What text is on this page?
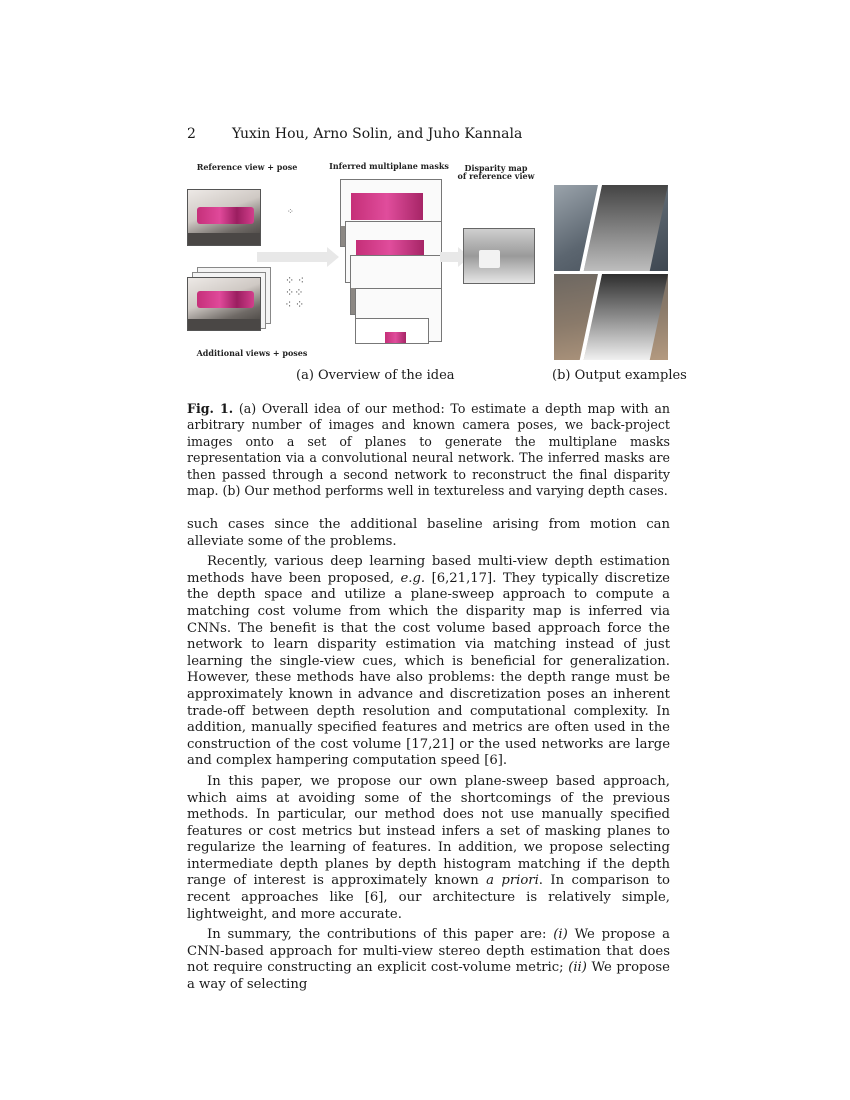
2	Yuxin Hou, Arno Solin, and Juho Kannala
Reference view + pose	Inferred multiplane masks	Disparity map
of reference view
Additional views + poses
⁘
⁘ ⁖
⁘⁘
⁖ ⁘
(a) Overview of the idea	(b) Output examples
Fig. 1. (a) Overall idea of our method: To estimate a depth map with an arbitrary number of images and known camera poses, we back-project images onto a set of planes to generate the multiplane masks representation via a convolutional neural network. The inferred masks are then passed through a second network to reconstruct the final disparity map. (b) Our method performs well in textureless and varying depth cases.

such cases since the additional baseline arising from motion can alleviate some of the problems.

Recently, various deep learning based multi-view depth estimation methods have been proposed, e.g. [6,21,17]. They typically discretize the depth space and utilize a plane-sweep approach to compute a matching cost volume from which the disparity map is inferred via CNNs. The benefit is that the cost volume based approach force the network to learn disparity estimation via matching instead of just learning the single-view cues, which is beneficial for generalization. However, these methods have also problems: the depth range must be approximately known in advance and discretization poses an inherent trade-off between depth resolution and computational complexity. In addition, manually specified features and metrics are often used in the construction of the cost volume [17,21] or the used networks are large and complex hampering computation speed [6].

In this paper, we propose our own plane-sweep based approach, which aims at avoiding some of the shortcomings of the previous methods. In particular, our method does not use manually specified features or cost metrics but instead infers a set of masking planes to regularize the learning of features. In addition, we propose selecting intermediate depth planes by depth histogram matching if the depth range of interest is approximately known a priori. In comparison to recent approaches like [6], our architecture is relatively simple, lightweight, and more accurate.

In summary, the contributions of this paper are: (i) We propose a CNN-based approach for multi-view stereo depth estimation that does not require constructing an explicit cost-volume metric; (ii) We propose a way of selecting
